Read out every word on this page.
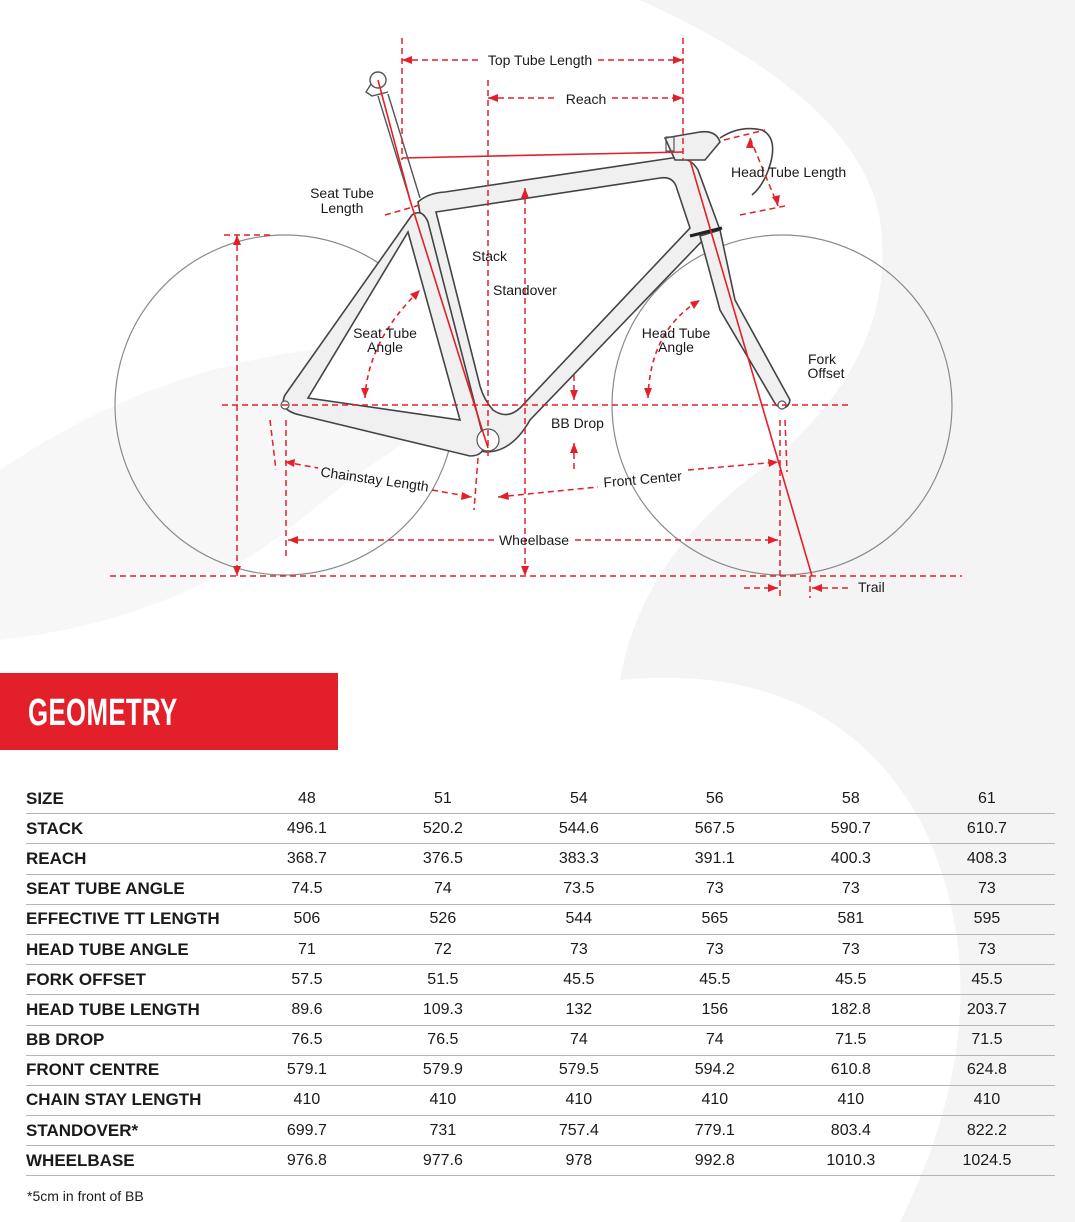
Top Tube Length
Reach
Head Tube Length
Seat Tube
Length
Stack
Standover
Seat Tube
Angle
Head Tube
Angle
Fork
Offset
BB Drop
Chainstay Length	Front Center
Wheelbase
Trail
GEOMETRY
SIZE	48	51	54	56	58	61
STACK	496.1	520.2	544.6	567.5	590.7	610.7
REACH	368.7	376.5	383.3	391.1	400.3	408.3
SEAT TUBE ANGLE	74.5	74	73.5	73	73	73
EFFECTIVE TT LENGTH	506	526	544	565	581	595
HEAD TUBE ANGLE	71	72	73	73	73	73
FORK OFFSET	57.5	51.5	45.5	45.5	45.5	45.5
HEAD TUBE LENGTH	89.6	109.3	132	156	182.8	203.7
BB DROP	76.5	76.5	74	74	71.5	71.5
FRONT CENTRE	579.1	579.9	579.5	594.2	610.8	624.8
CHAIN STAY LENGTH	410	410	410	410	410	410
STANDOVER*	699.7	731	757.4	779.1	803.4	822.2
WHEELBASE	976.8	977.6	978	992.8	1010.3	1024.5
*5cm in front of BB
